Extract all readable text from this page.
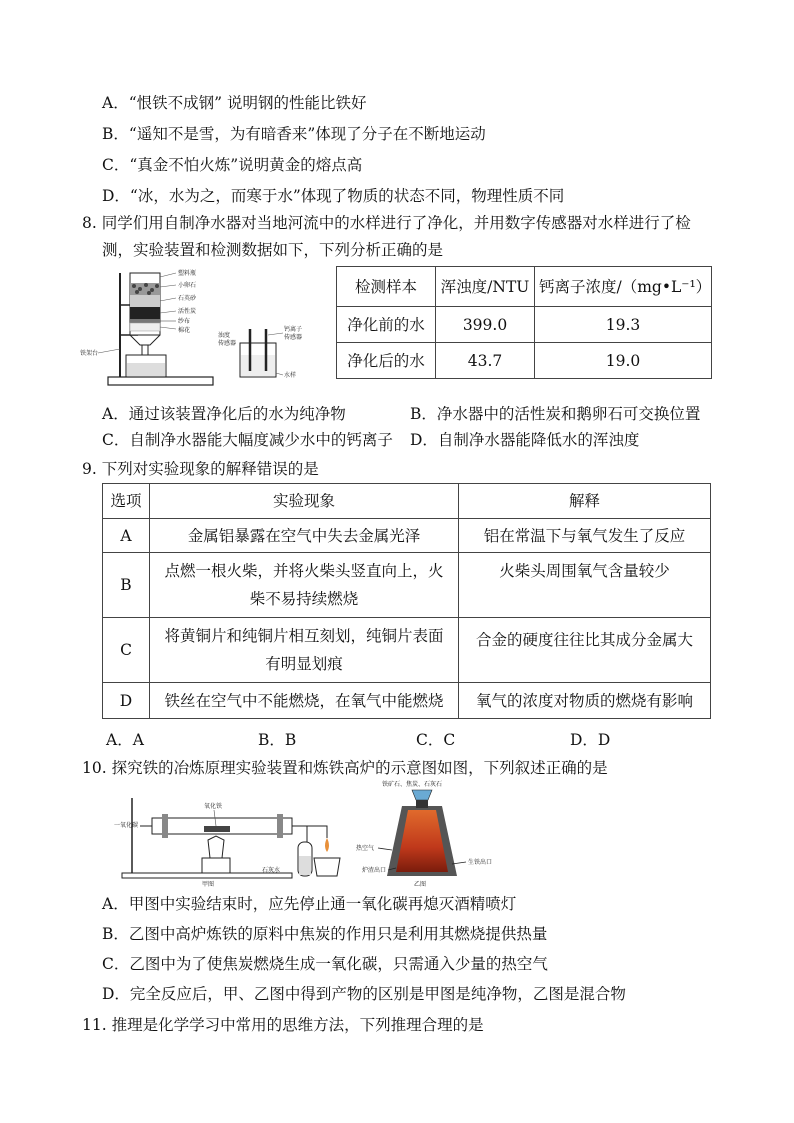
A．“恨铁不成钢” 说明钢的性能比铁好
B．“遥知不是雪，为有暗香来”体现了分子在不断地运动
C．“真金不怕火炼”说明黄金的熔点高
D．“冰，水为之，而寒于水”体现了物质的状态不同，物理性质不同
8. 同学们用自制净水器对当地河流中的水样进行了净化，并用数字传感器对水样进行了检
测，实验装置和检测数据如下，下列分析正确的是
塑料瓶
小卵石
石英砂
活性炭
纱布
棉花
铁架台
浊度
传感器
钙离子
传感器
水样
检测样本	浑浊度/NTU	钙离子浓度/（mg•L⁻¹）
净化前的水	399.0	19.3
净化后的水	43.7	19.0
A．通过该装置净化后的水为纯净物	B．净水器中的活性炭和鹅卵石可交换位置
C．自制净水器能大幅度减少水中的钙离子 D．自制净水器能降低水的浑浊度
9. 下列对实验现象的解释错误的是
选项	实验现象	解释
A	金属铝暴露在空气中失去金属光泽	铝在常温下与氧气发生了反应
B	点燃一根火柴，并将火柴头竖直向上，火柴不易持续燃烧	火柴头周围氧气含量较少
C	将黄铜片和纯铜片相互刻划，纯铜片表面有明显划痕	合金的硬度往往比其成分金属大
D	铁丝在空气中不能燃烧，在氧气中能燃烧	氧气的浓度对物质的燃烧有影响
A．A	B．B	C．C	D．D
10. 探究铁的冶炼原理实验装置和炼铁高炉的示意图如图，下列叙述正确的是
一氧化碳
氧化铁
石灰水
甲图
铁矿石、焦炭、石灰石
热空气
炉渣出口
生铁出口
乙图
A．甲图中实验结束时，应先停止通一氧化碳再熄灭酒精喷灯
B．乙图中高炉炼铁的原料中焦炭的作用只是利用其燃烧提供热量
C．乙图中为了使焦炭燃烧生成一氧化碳，只需通入少量的热空气
D．完全反应后，甲、乙图中得到产物的区别是甲图是纯净物，乙图是混合物
11. 推理是化学学习中常用的思维方法，下列推理合理的是
